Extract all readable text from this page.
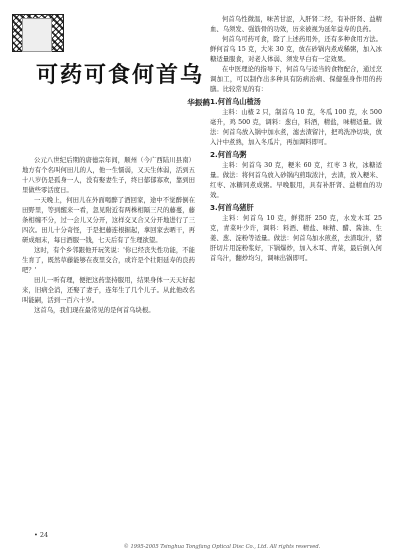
可药可食何首乌
华振鹤

公元八世纪后期的唐德宗年间，顺州（今广西陆川县南）地方有个名叫何田儿的人，他一生懦弱，又天生体弱，活到五十八岁仍是孤身一人，没有娶妻生子，终日郁郁寡欢，靠到田里做些零活度日。

一天晚上，何田儿在外面喝醉了酒回家，途中不觉醉倒在田野里，等到醒来一看，忽见附近有两株相隔三尺的藤蔓，藤条相缠不分，过一会儿又分开，这样交叉合又分开地进行了三四次。田儿十分奇怪，于是把藤连根掘起，拿回家去晒干，再研成细末，每日酒服一钱，七天后有了生理欲望。

这时，有个乡邻跟他开玩笑说：'你已经丧失性功能，不能生育了，既然草藤能够在夜里交合，或许是个壮阳延寿的良药吧？'

田儿一听有理，便把这药坚持服用，结果身体一天天好起来，旧病全消，还娶了妻子，连年生了几个儿子。从此他改名叫能嗣，活到一百六十岁。

这首乌，我们现在最常见的是何首乌块根。

何首乌性微温，味苦甘涩，入肝肾二经，有补肝肾、益精血、乌须发、强筋骨的功效，历来被视为延年益寿的良药。

何首乌可药可食，除了上述药用外，还有多种食用方法。鲜何首乌 15 克，大米 30 克，放在砂锅内煮成稀粥，加入冰糖适量服食，对老人体弱、须发早白有一定效果。

在中医理论的指导下，何首乌与适当的食物配合，通过烹调加工，可以制作出多种具有防病治病、保健强身作用的药膳。比较常见的有：

1.何首乌山楂汤

主料：山楂 2 只，制首乌 10 克，冬瓜 100 克，水 500 毫升，鸡 500 克，调料：葱白，料酒，精盐，味精适量。做法：何首乌放入锅中加水煮，滤去渣留汁，把鸡洗净切块，放入汁中煮熟，加入冬瓜片，再加调料即可。

2.何首乌粥

主料：何首乌 30 克，粳米 60 克，红枣 3 枚，冰糖适量。做法：将何首乌放入砂锅内煎取浓汁，去渣，放入粳米、红枣、冰糖同煮成粥。早晚服用，具有补肝肾、益精血的功效。

3.何首乌猪肝

主料：何首乌 10 克，鲜猪肝 250 克，水发木耳 25 克，青菜叶少许，调料：料酒、精盐、味精、醋、酱油、生姜、葱、淀粉等适量。做法：何首乌加水煎煮，去渣取汁，猪肝切片用淀粉浆好，下锅爆炒，加入木耳、青菜，最后倒入何首乌汁，翻炒均匀，调味出锅即可。

• 24
© 1995-2005 Tsinghua Tongfang Optical Disc Co., Ltd. All rights reserved.
